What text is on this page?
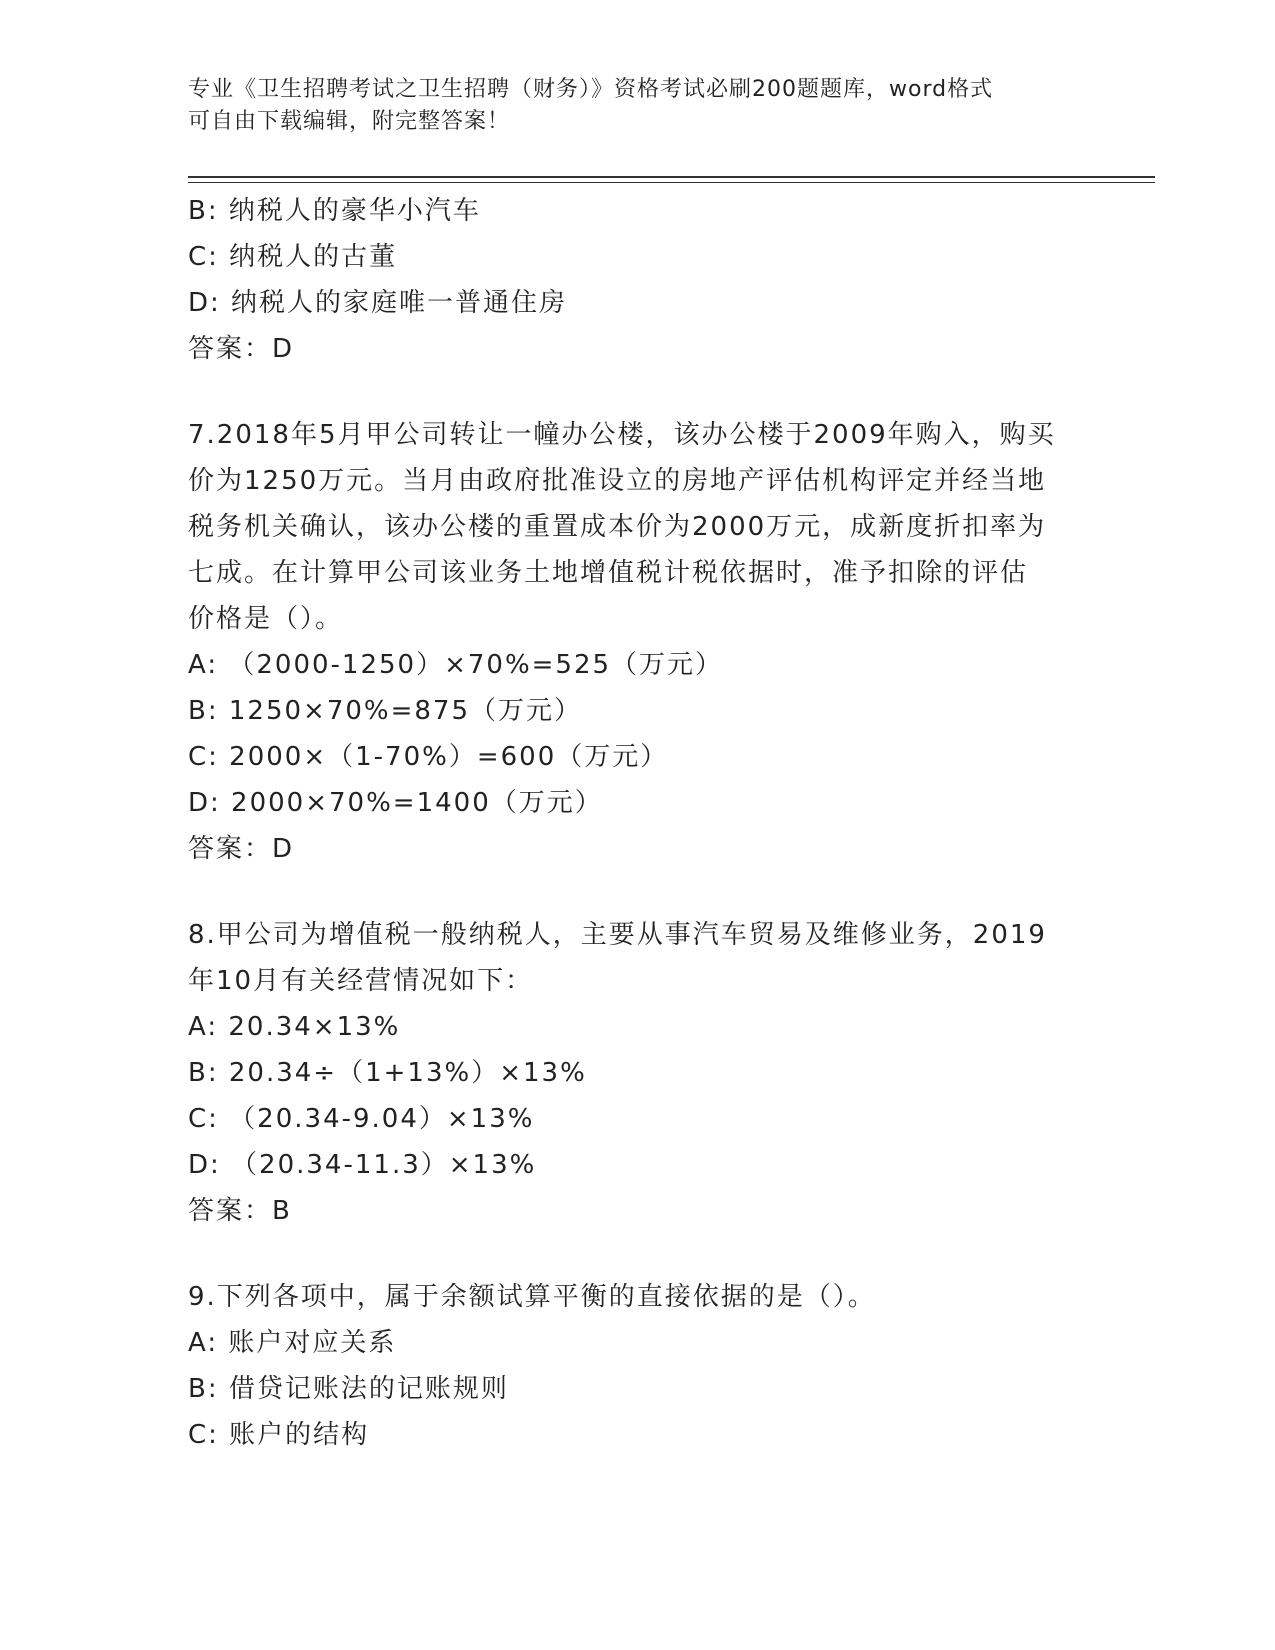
专业《卫生招聘考试之卫生招聘（财务）》资格考试必刷200题题库，word格式
可自由下载编辑，附完整答案！
B: 纳税人的豪华小汽车
C: 纳税人的古董
D: 纳税人的家庭唯一普通住房
答案：D
7.2018年5月甲公司转让一幢办公楼，该办公楼于2009年购入，购买
价为1250万元。当月由政府批准设立的房地产评估机构评定并经当地
税务机关确认，该办公楼的重置成本价为2000万元，成新度折扣率为
七成。在计算甲公司该业务土地增值税计税依据时，准予扣除的评估
价格是（）。
A: （2000-1250）×70%=525（万元）
B: 1250×70%=875（万元）
C: 2000×（1-70%）=600（万元）
D: 2000×70%=1400（万元）
答案：D
8.甲公司为增值税一般纳税人，主要从事汽车贸易及维修业务，2019
年10月有关经营情况如下：
A: 20.34×13%
B: 20.34÷（1+13%）×13%
C: （20.34-9.04）×13%
D: （20.34-11.3）×13%
答案：B
9.下列各项中，属于余额试算平衡的直接依据的是（）。
A: 账户对应关系
B: 借贷记账法的记账规则
C: 账户的结构
